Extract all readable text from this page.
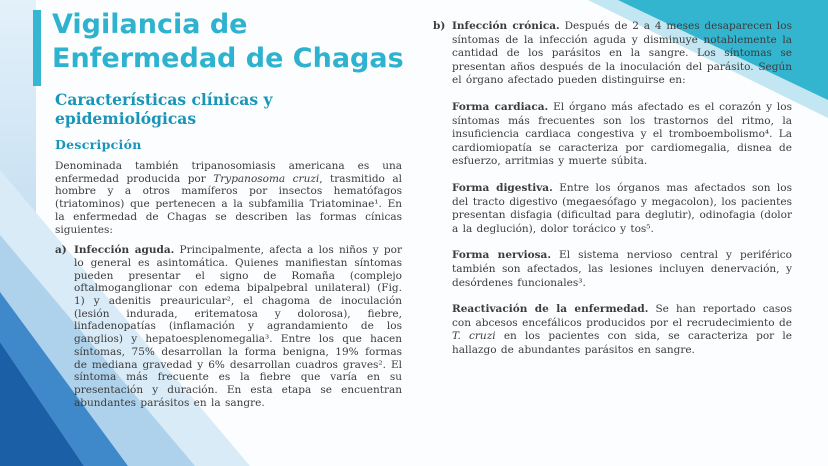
Vigilancia de
Enfermedad de Chagas
Características clínicas y epidemiológicas
Descripción

Denominada también tripanosomiasis americana es una enfermedad producida por Trypanosoma cruzi, trasmitido al hombre y a otros mamíferos por insectos hematófagos (triatominos) que pertenecen a la subfamilia Triatominae¹. En la enfermedad de Chagas se describen las formas cínicas siguientes:

a) Infección aguda. Principalmente, afecta a los niños y por lo general es asintomática. Quienes manifiestan síntomas pueden presentar el signo de Romaña (complejo oftalmoganglionar con edema bipalpebral unilateral) (Fig. 1) y adenitis preauricular², el chagoma de inoculación (lesión indurada, eritematosa y dolorosa), fiebre, linfadenopatías (inflamación y agrandamiento de los ganglios) y hepatoesplenomegalia³. Entre los que hacen síntomas, 75% desarrollan la forma benigna, 19% formas de mediana gravedad y 6% desarrollan cuadros graves². El síntoma más frecuente es la fiebre que varía en su presentación y duración. En esta etapa se encuentran abundantes parásitos en la sangre.

b) Infección crónica. Después de 2 a 4 meses desaparecen los síntomas de la infección aguda y disminuye notablemente la cantidad de los parásitos en la sangre. Los síntomas se presentan años después de la inoculación del parásito. Según el órgano afectado pueden distinguirse en:

Forma cardiaca. El órgano más afectado es el corazón y los síntomas más frecuentes son los trastornos del ritmo, la insuficiencia cardiaca congestiva y el tromboembolismo⁴. La cardiomiopatía se caracteriza por cardiomegalia, disnea de esfuerzo, arritmias y muerte súbita.

Forma digestiva. Entre los órganos mas afectados son los del tracto digestivo (megaesófago y megacolon), los pacientes presentan disfagia (dificultad para deglutir), odinofagia (dolor a la deglución), dolor torácico y tos⁵.

Forma nerviosa. El sistema nervioso central y periférico también son afectados, las lesiones incluyen denervación, y desórdenes funcionales³.

Reactivación de la enfermedad. Se han reportado casos con abcesos encefálicos producidos por el recrudecimiento de T. cruzi en los pacientes con sida, se caracteriza por le hallazgo de abundantes parásitos en sangre.
